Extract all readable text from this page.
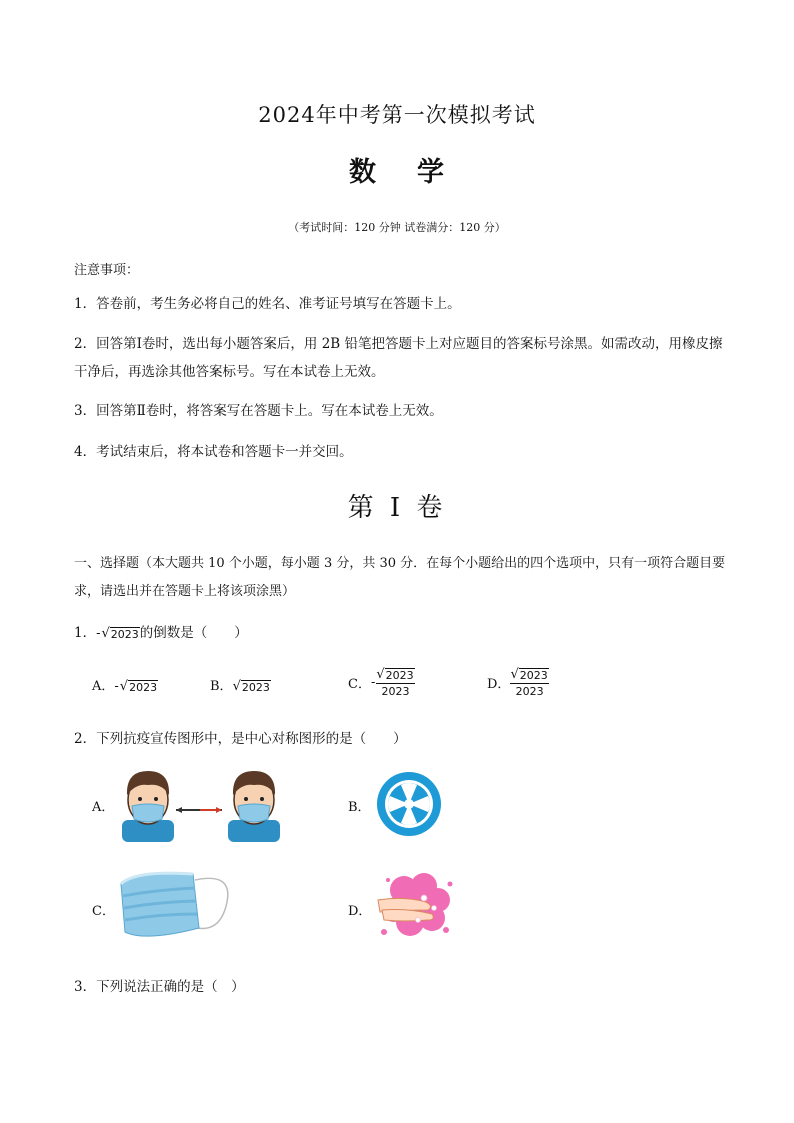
2024年中考第一次模拟考试
数 学
（考试时间：120 分钟 试卷满分：120 分）
注意事项：
1．答卷前，考生务必将自己的姓名、准考证号填写在答题卡上。
2．回答第Ⅰ卷时，选出每小题答案后，用 2B 铅笔把答题卡上对应题目的答案标号涂黑。如需改动，用橡皮擦干净后，再选涂其他答案标号。写在本试卷上无效。
3．回答第Ⅱ卷时，将答案写在答题卡上。写在本试卷上无效。
4．考试结束后，将本试卷和答题卡一并交回。
第 I 卷
一、选择题（本大题共 10 个小题，每小题 3 分，共 30 分．在每个小题给出的四个选项中，只有一项符合题目要求，请选出并在答题卡上将该项涂黑）
1．- √ 2023 的倒数是（　　）
A．- √ 2023	B． √ 2023	C． - $\frac{√ 2023}{2023}$	D． $\frac{√ 2023}{2023}$
2．下列抗疫宣传图形中，是中心对称图形的是（　　）
A．	B．
C．	D．
3．下列说法正确的是（　）
